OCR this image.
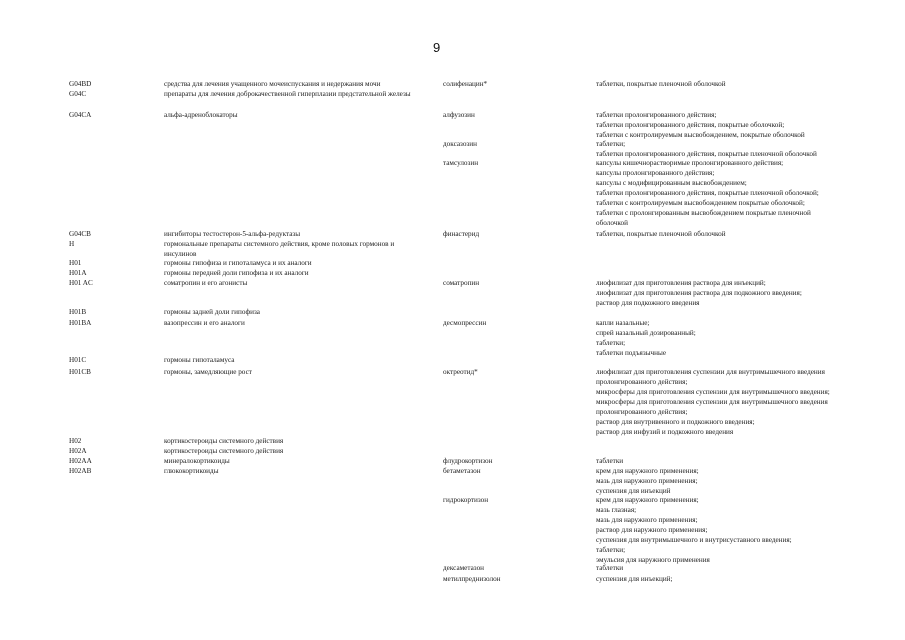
9
G04BD	средства для лечения учащенного мочеиспускания и недержания мочи	солифенацин*	таблетки, покрытые пленочной оболочкой
G04C	препараты для лечения доброкачественной гиперплазии предстательной железы
G04CA	альфа-адреноблокаторы	алфузозин	таблетки пролонгированного действия;
таблетки пролонгированного действия, покрытые оболочкой;
таблетки с контролируемым высвобождением, покрытые оболочкой
доксазозин	таблетки;
таблетки пролонгированного действия, покрытые пленочной оболочкой
тамсулозин	капсулы кишечнорастворимые пролонгированного действия;
капсулы пролонгированного действия;
капсулы с модифицированным высвобождением;
таблетки пролонгированного действия, покрытые пленочной оболочкой;
таблетки с контролируемым высвобождением покрытые оболочкой;
таблетки с пролонгированным высвобождением покрытые пленочной
оболочкой
G04CB	ингибиторы тестостерон-5-альфа-редуктазы	финастерид	таблетки, покрытые пленочной оболочкой
H	гормональные препараты системного действия, кроме половых гормонов и инсулинов
H01	гормоны гипофиза и гипоталамуса и их аналоги
H01A	гормоны передней доли гипофиза и их аналоги
H01 AC	соматропин и его агонисты	соматропин	лиофилизат для приготовления раствора для инъекций;
лиофилизат для приготовления раствора для подкожного введения;
раствор для подкожного введения
H01B	гормоны задней доли гипофиза
H01BA	вазопрессин и его аналоги	десмопрессин	капли назальные;
спрей назальный дозированный;
таблетки;
таблетки подъязычные
H01C	гормоны гипоталамуса
H01CB	гормоны, замедляющие рост	октреотид*	лиофилизат для приготовления суспензии для внутримышечного введения
пролонгированного действия;
микросферы для приготовления суспензии для внутримышечного введения;
микросферы для приготовления суспензии для внутримышечного введения
пролонгированного действия;
раствор для внутривенного и подкожного введения;
раствор для инфузий и подкожного введения
H02	кортикостероиды системного действия
H02A	кортикостероиды системного действия
H02AA	минералокортикоиды	флудрокортизон	таблетки
H02AB	глюкокортикоиды	бетаметазон	крем для наружного применения;
мазь для наружного применения;
суспензия для инъекций
гидрокортизон	крем для наружного применения;
мазь глазная;
мазь для наружного применения;
раствор для наружного применения;
суспензия для внутримышечного и внутрисуставного введения;
таблетки;
эмульсия для наружного применения
дексаметазон	таблетки
метилпреднизолон	суспензия для инъекций;
